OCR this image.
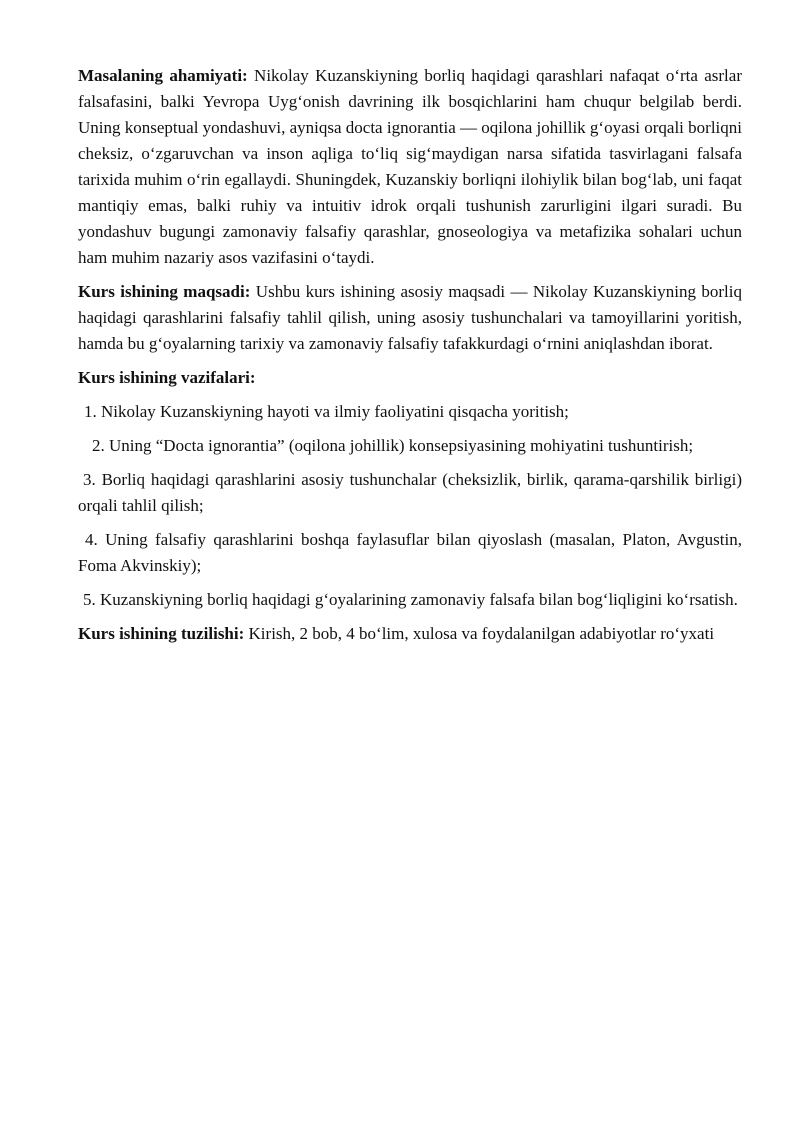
Masalaning ahamiyati: Nikolay Kuzanskiyning borliq haqidagi qarashlari nafaqat o‘rta asrlar falsafasini, balki Yevropa Uyg‘onish davrining ilk bosqichlarini ham chuqur belgilab berdi. Uning konseptual yondashuvi, ayniqsa docta ignorantia — oqilona johillik g‘oyasi orqali borliqni cheksiz, o‘zgaruvchan va inson aqliga to‘liq sig‘maydigan narsa sifatida tasvirlagani falsafa tarixida muhim o‘rin egallaydi. Shuningdek, Kuzanskiy borliqni ilohiylik bilan bog‘lab, uni faqat mantiqiy emas, balki ruhiy va intuitiv idrok orqali tushunish zarurligini ilgari suradi. Bu yondashuv bugungi zamonaviy falsafiy qarashlar, gnoseologiya va metafizika sohalari uchun ham muhim nazariy asos vazifasini o‘taydi.

Kurs ishining maqsadi: Ushbu kurs ishining asosiy maqsadi — Nikolay Kuzanskiyning borliq haqidagi qarashlarini falsafiy tahlil qilish, uning asosiy tushunchalari va tamoyillarini yoritish, hamda bu g‘oyalarning tarixiy va zamonaviy falsafiy tafakkurdagi o‘rnini aniqlashdan iborat.

Kurs ishining vazifalari:

1. Nikolay Kuzanskiyning hayoti va ilmiy faoliyatini qisqacha yoritish;

2. Uning “Docta ignorantia” (oqilona johillik) konsepsiyasining mohiyatini tushuntirish;

3. Borliq haqidagi qarashlarini asosiy tushunchalar (cheksizlik, birlik, qarama-qarshilik birligi) orqali tahlil qilish;

4. Uning falsafiy qarashlarini boshqa faylasuflar bilan qiyoslash (masalan, Platon, Avgustin, Foma Akvinskiy);

5. Kuzanskiyning borliq haqidagi g‘oyalarining zamonaviy falsafa bilan bog‘liqligini ko‘rsatish.

Kurs ishining tuzilishi: Kirish, 2 bob, 4 bo‘lim, xulosa va foydalanilgan adabiyotlar ro‘yxati
